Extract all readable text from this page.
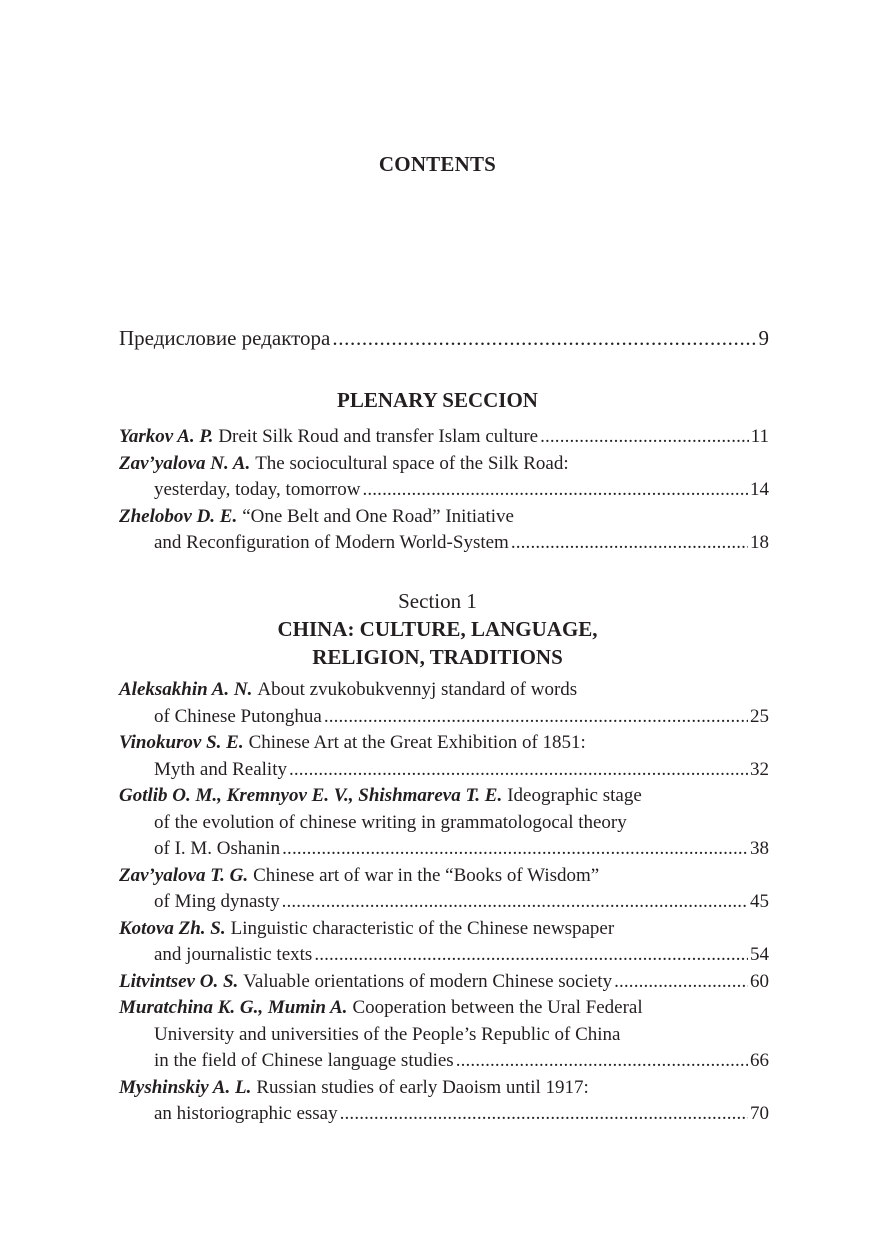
CONTENTS
Предисловие редактора . . .	9
PLENARY SECCION
Yarkov A. P. Dreit Silk Roud and transfer Islam culture . . .	11
Zav’yalova N. A. The sociocultural space of the Silk Road:
yesterday, today, tomorrow . . .	14
Zhelobov D. E. “One Belt and One Road” Initiative
and Reconfiguration of Modern World-System . . .	18
Section 1
CHINA: CULTURE, LANGUAGE,
RELIGION, TRADITIONS
Aleksakhin A. N. About zvukobukvennyj standard of words
of Chinese Putonghua . . .	25
Vinokurov S. E. Chinese Art at the Great Exhibition of 1851:
Myth and Reality . . .	32
Gotlib O. M., Kremnyov E. V., Shishmareva T. E. Ideographic stage
of the evolution of chinese writing in grammatologocal theory
of I. M. Oshanin . . .	38
Zav’yalova T. G. Chinese art of war in the “Books of Wisdom”
of Ming dynasty . . .	45
Kotova Zh. S. Linguistic characteristic of the Chinese newspaper
and journalistic texts . . .	54
Litvintsev O. S. Valuable orientations of modern Chinese society . . .	60
Muratchina K. G., Mumin A. Cooperation between the Ural Federal
University and universities of the People’s Republic of China
in the field of Chinese language studies . . .	66
Myshinskiy A. L. Russian studies of early Daoism until 1917:
an historiographic essay . . .	70
